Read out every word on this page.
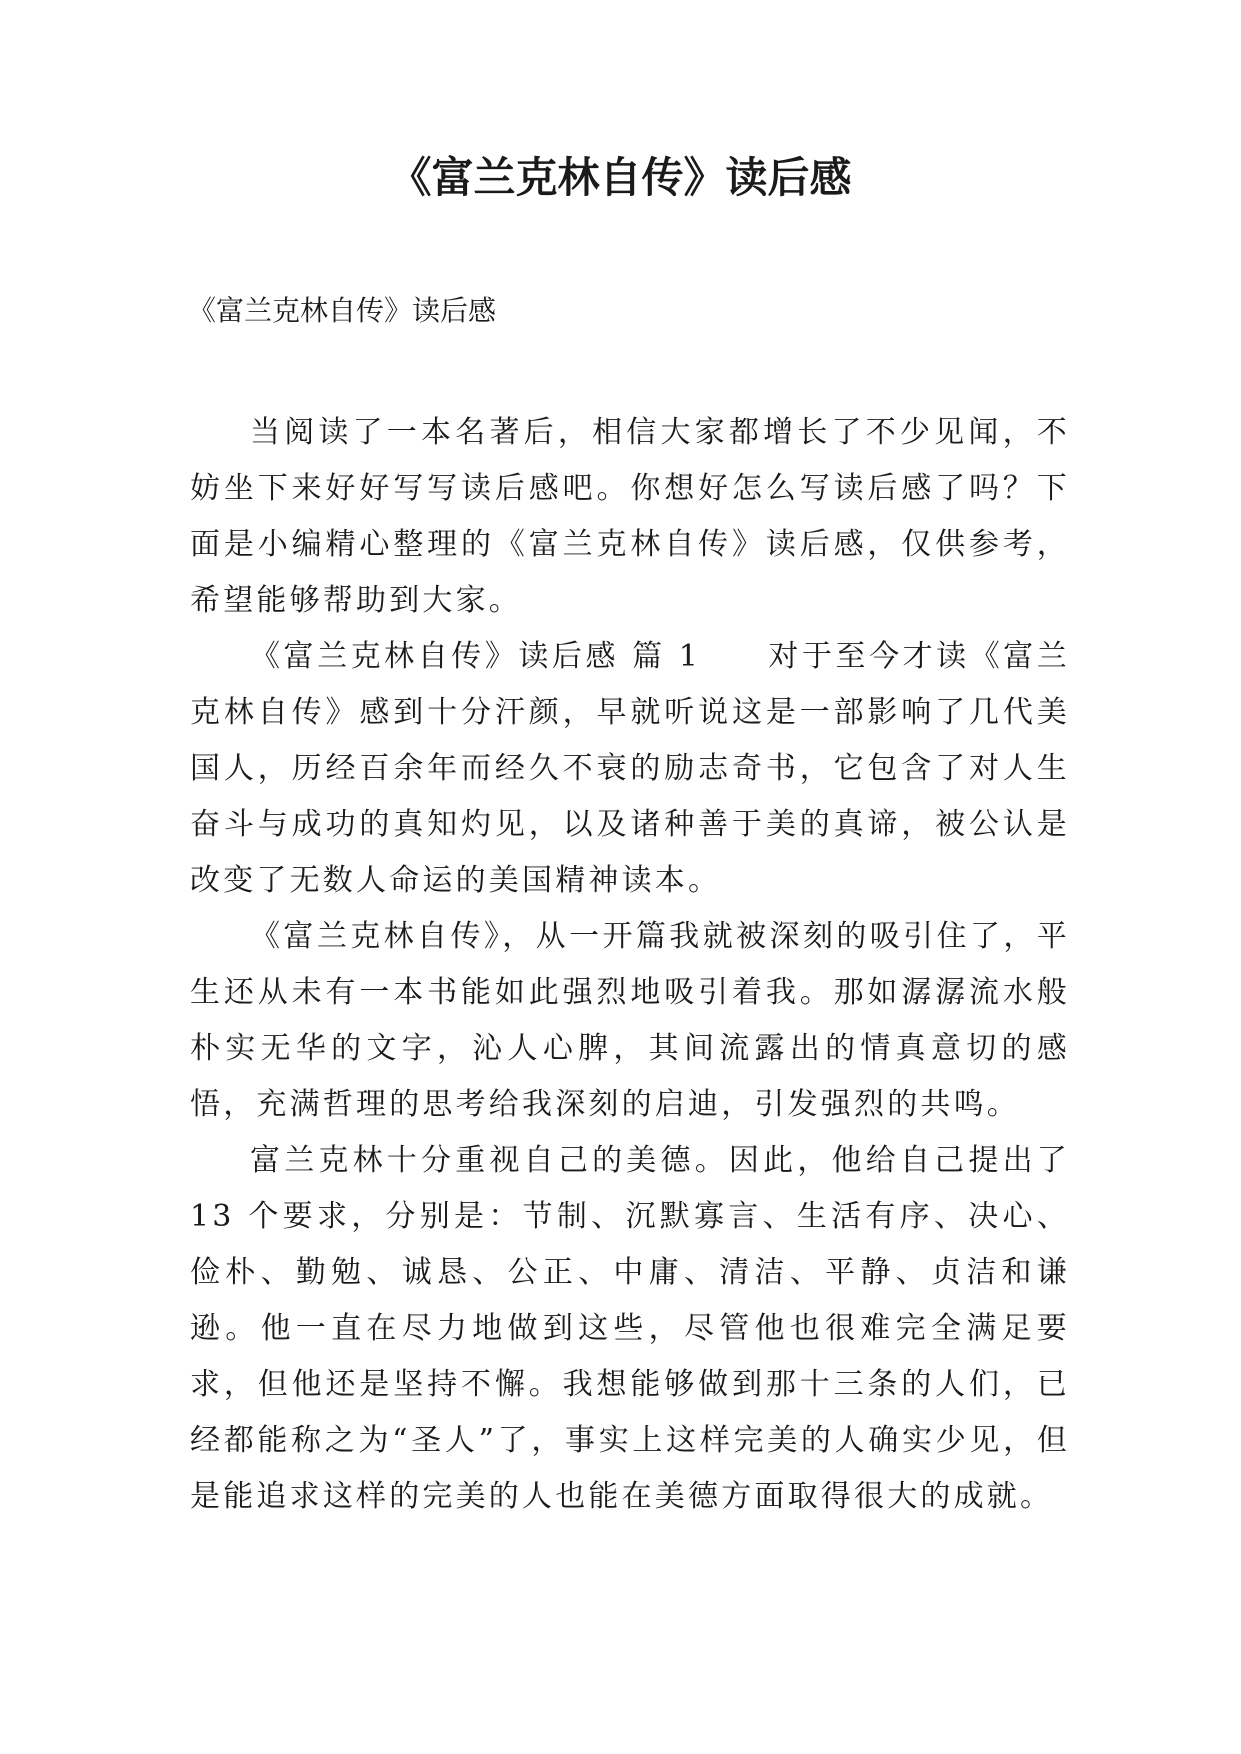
《富兰克林自传》读后感
《富兰克林自传》读后感

当阅读了一本名著后，相信大家都增长了不少见闻，不妨坐下来好好写写读后感吧。你想好怎么写读后感了吗？下面是小编精心整理的《富兰克林自传》读后感，仅供参考，希望能够帮助到大家。

《富兰克林自传》读后感 篇 1　　对于至今才读《富兰克林自传》感到十分汗颜，早就听说这是一部影响了几代美国人，历经百余年而经久不衰的励志奇书，它包含了对人生奋斗与成功的真知灼见，以及诸种善于美的真谛，被公认是改变了无数人命运的美国精神读本。

《富兰克林自传》，从一开篇我就被深刻的吸引住了，平生还从未有一本书能如此强烈地吸引着我。那如潺潺流水般朴实无华的文字，沁人心脾，其间流露出的情真意切的感悟，充满哲理的思考给我深刻的启迪，引发强烈的共鸣。

富兰克林十分重视自己的美德。因此，他给自己提出了 13 个要求，分别是：节制、沉默寡言、生活有序、决心、俭朴、勤勉、诚恳、公正、中庸、清洁、平静、贞洁和谦逊。他一直在尽力地做到这些，尽管他也很难完全满足要求，但他还是坚持不懈。我想能够做到那十三条的人们，已经都能称之为“圣人”了，事实上这样完美的人确实少见，但是能追求这样的完美的人也能在美德方面取得很大的成就。
